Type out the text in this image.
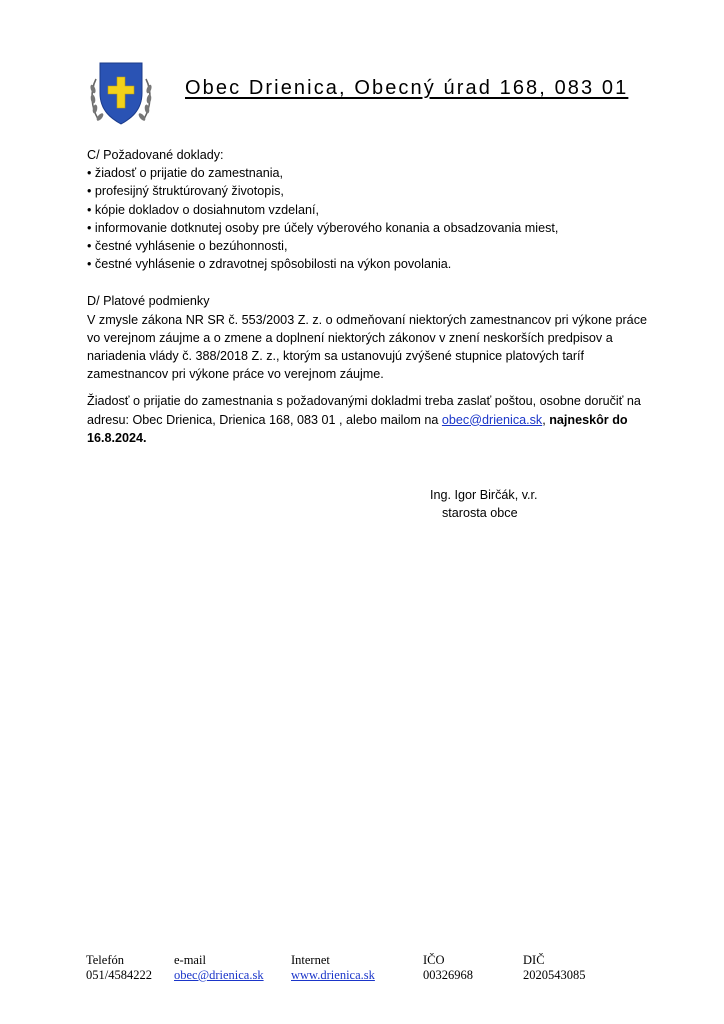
Obec Drienica, Obecný úrad 168, 083 01

C/ Požadované doklady:

• žiadosť o prijatie do zamestnania,

• profesijný štruktúrovaný životopis,

• kópie dokladov o dosiahnutom vzdelaní,

• informovanie dotknutej osoby pre účely výberového konania a obsadzovania miest,

• čestné vyhlásenie o bezúhonnosti,

• čestné vyhlásenie o zdravotnej spôsobilosti na výkon povolania.

D/ Platové podmienky

V zmysle zákona NR SR č. 553/2003 Z. z. o odmeňovaní niektorých zamestnancov pri výkone práce vo verejnom záujme a o zmene a doplnení niektorých zákonov v znení neskorších predpisov a nariadenia vlády č. 388/2018 Z. z., ktorým sa ustanovujú zvýšené stupnice platových taríf zamestnancov pri výkone práce vo verejnom záujme.

Žiadosť o prijatie do zamestnania s požadovanými dokladmi treba zaslať poštou, osobne doručiť na adresu: Obec Drienica, Drienica 168, 083 01 , alebo mailom na obec@drienica.sk, najneskôr do 16.8.2024.

Ing. Igor Birčák, v.r.
starosta obce
Telefón
051/4584222
e-mail
obec@drienica.sk
Internet
www.drienica.sk
IČO
00326968
DIČ
2020543085
